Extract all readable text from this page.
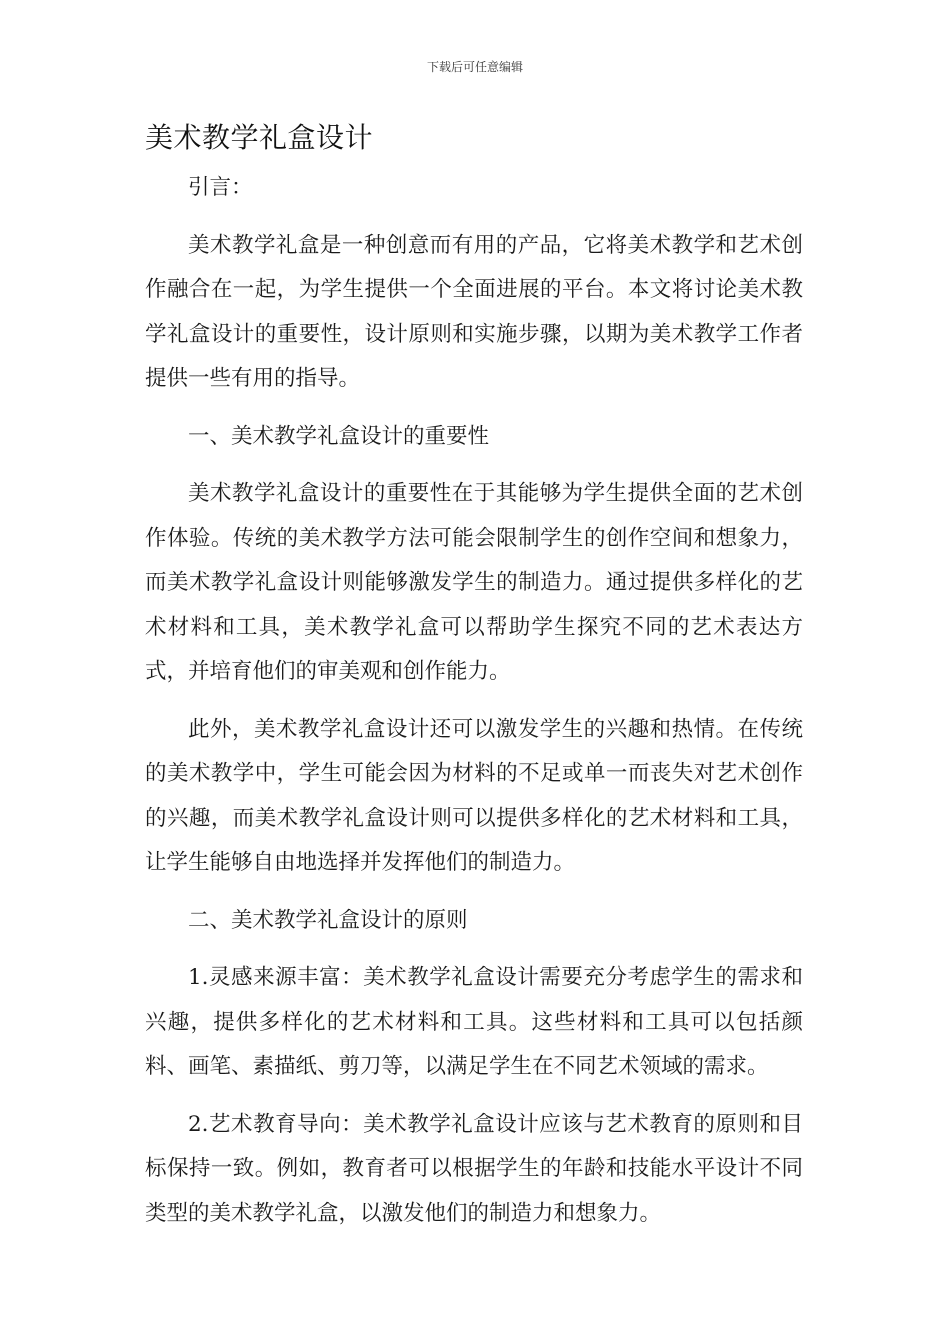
下载后可任意编辑
美术教学礼盒设计

引言：

美术教学礼盒是一种创意而有用的产品，它将美术教学和艺术创作融合在一起，为学生提供一个全面进展的平台。本文将讨论美术教学礼盒设计的重要性，设计原则和实施步骤，以期为美术教学工作者提供一些有用的指导。

一、美术教学礼盒设计的重要性

美术教学礼盒设计的重要性在于其能够为学生提供全面的艺术创作体验。传统的美术教学方法可能会限制学生的创作空间和想象力，而美术教学礼盒设计则能够激发学生的制造力。通过提供多样化的艺术材料和工具，美术教学礼盒可以帮助学生探究不同的艺术表达方式，并培育他们的审美观和创作能力。

此外，美术教学礼盒设计还可以激发学生的兴趣和热情。在传统的美术教学中，学生可能会因为材料的不足或单一而丧失对艺术创作的兴趣，而美术教学礼盒设计则可以提供多样化的艺术材料和工具，让学生能够自由地选择并发挥他们的制造力。

二、美术教学礼盒设计的原则

1.灵感来源丰富：美术教学礼盒设计需要充分考虑学生的需求和兴趣，提供多样化的艺术材料和工具。这些材料和工具可以包括颜料、画笔、素描纸、剪刀等，以满足学生在不同艺术领域的需求。

2.艺术教育导向：美术教学礼盒设计应该与艺术教育的原则和目标保持一致。例如，教育者可以根据学生的年龄和技能水平设计不同类型的美术教学礼盒，以激发他们的制造力和想象力。
